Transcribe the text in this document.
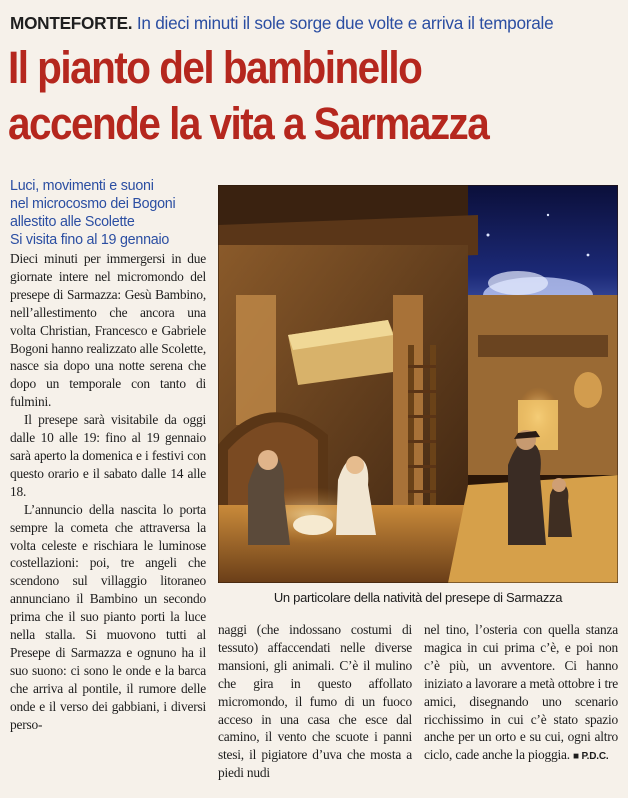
MONTEFORTE. In dieci minuti il sole sorge due volte e arriva il temporale
Il pianto del bambinello
accende la vita a Sarmazza
Luci, movimenti e suoni
nel microcosmo dei Bogoni
allestito alle Scolette
Si visita fino al 19 gennaio

Dieci minuti per immergersi in due giornate intere nel micromondo del presepe di Sarmazza: Gesù Bambino, nell’allestimento che ancora una volta Christian, Francesco e Gabriele Bogoni hanno realizzato alle Scolette, nasce sia dopo una notte serena che dopo un temporale con tanto di fulmini.

Il presepe sarà visitabile da oggi dalle 10 alle 19: fino al 19 gennaio sarà aperto la domenica e i festivi con questo orario e il sabato dalle 14 alle 18.

L’annuncio della nascita lo porta sempre la cometa che attraversa la volta celeste e rischiara le luminose costellazioni: poi, tre angeli che scendono sul villaggio litoraneo annunciano il Bambino un secondo prima che il suo pianto porti la luce nella stalla. Si muovono tutti al Presepe di Sarmazza e ognuno ha il suo suono: ci sono le onde e la barca che arriva al pontile, il rumore delle onde e il verso dei gabbiani, i diversi perso-

Un particolare della natività del presepe di Sarmazza

naggi (che indossano costumi di tessuto) affaccendati nelle diverse mansioni, gli animali. C’è il mulino che gira in questo affollato micromondo, il fumo di un fuoco acceso in una casa che esce dal camino, il vento che scuote i panni stesi, il pigiatore d’uva che mosta a piedi nudi

nel tino, l’osteria con quella stanza magica in cui prima c’è, e poi non c’è più, un avventore. Ci hanno iniziato a lavorare a metà ottobre i tre amici, disegnando uno scenario ricchissimo in cui c’è stato spazio anche per un orto e su cui, ogni altro ciclo, cade anche la pioggia. ■ P.D.C.
